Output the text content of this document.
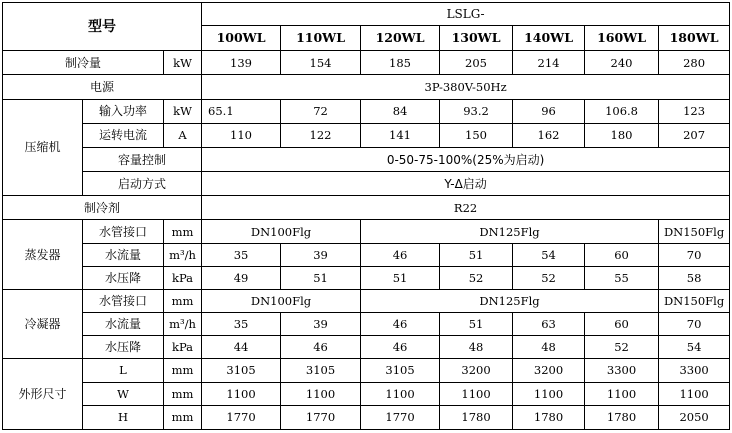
型号			LSLG-						
			100WL	110WL	120WL	130WL	140WL	160WL	180WL
制冷量		kW	139	154	185	205	214	240	280
电源			3P-380V-50Hz						
压缩机	输入功率	kW	65.1	72	84	93.2	96	106.8	123
	运转电流	A	110	122	141	150	162	180	207
	容量控制		0-50-75-100%(25%为启动)						
	启动方式		Y-Δ启动						
制冷剂			R22						
蒸发器	水管接口	mm	DN100Flg		DN125Flg				DN150Flg
	水流量	m³/h	35	39	46	51	54	60	70
	水压降	kPa	49	51	51	52	52	55	58
冷凝器	水管接口	mm	DN100Flg		DN125Flg				DN150Flg
	水流量	m³/h	35	39	46	51	63	60	70
	水压降	kPa	44	46	46	48	48	52	54
外形尺寸	L	mm	3105	3105	3105	3200	3200	3300	3300
	W	mm	1100	1100	1100	1100	1100	1100	1100
	H	mm	1770	1770	1770	1780	1780	1780	2050
